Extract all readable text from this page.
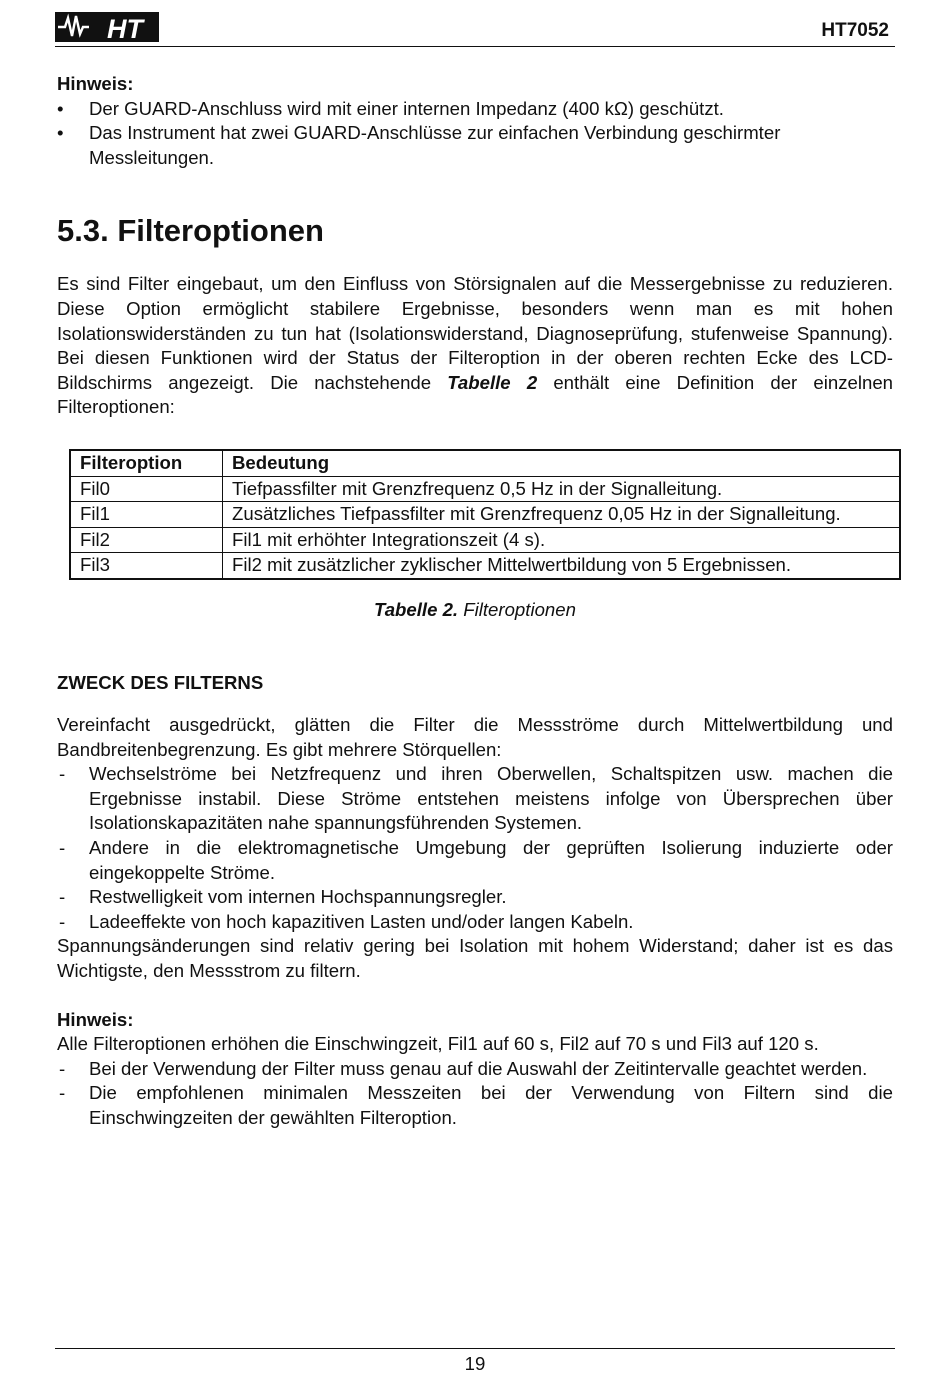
HT	HT7052

Hinweis:

• Der GUARD-Anschluss wird mit einer internen Impedanz (400 kΩ) geschützt.
• Das Instrument hat zwei GUARD-Anschlüsse zur einfachen Verbindung geschirmter Messleitungen.
5.3. Filteroptionen

Es sind Filter eingebaut, um den Einfluss von Störsignalen auf die Messergebnisse zu reduzieren. Diese Option ermöglicht stabilere Ergebnisse, besonders wenn man es mit hohen Isolationswiderständen zu tun hat (Isolationswiderstand, Diagnoseprüfung, stufenweise Spannung). Bei diesen Funktionen wird der Status der Filteroption in der oberen rechten Ecke des LCD-Bildschirms angezeigt. Die nachstehende Tabelle 2 enthält eine Definition der einzelnen Filteroptionen:

Filteroption	Bedeutung
Fil0	Tiefpassfilter mit Grenzfrequenz 0,5 Hz in der Signalleitung.
Fil1	Zusätzliches Tiefpassfilter mit Grenzfrequenz 0,05 Hz in der Signalleitung.
Fil2	Fil1 mit erhöhter Integrationszeit (4 s).
Fil3	Fil2 mit zusätzlicher zyklischer Mittelwertbildung von 5 Ergebnissen.
Tabelle 2. Filteroptionen

ZWECK DES FILTERNS

Vereinfacht ausgedrückt, glätten die Filter die Messströme durch Mittelwertbildung und Bandbreitenbegrenzung. Es gibt mehrere Störquellen:

- Wechselströme bei Netzfrequenz und ihren Oberwellen, Schaltspitzen usw. machen die Ergebnisse instabil. Diese Ströme entstehen meistens infolge von Übersprechen über Isolationskapazitäten nahe spannungsführenden Systemen.
- Andere in die elektromagnetische Umgebung der geprüften Isolierung induzierte oder eingekoppelte Ströme.
- Restwelligkeit vom internen Hochspannungsregler.
- Ladeeffekte von hoch kapazitiven Lasten und/oder langen Kabeln.

Spannungsänderungen sind relativ gering bei Isolation mit hohem Widerstand; daher ist es das Wichtigste, den Messstrom zu filtern.

Hinweis:

Alle Filteroptionen erhöhen die Einschwingzeit, Fil1 auf 60 s, Fil2 auf 70 s und Fil3 auf 120 s.

- Bei der Verwendung der Filter muss genau auf die Auswahl der Zeitintervalle geachtet werden.
- Die empfohlenen minimalen Messzeiten bei der Verwendung von Filtern sind die Einschwingzeiten der gewählten Filteroption.
19
